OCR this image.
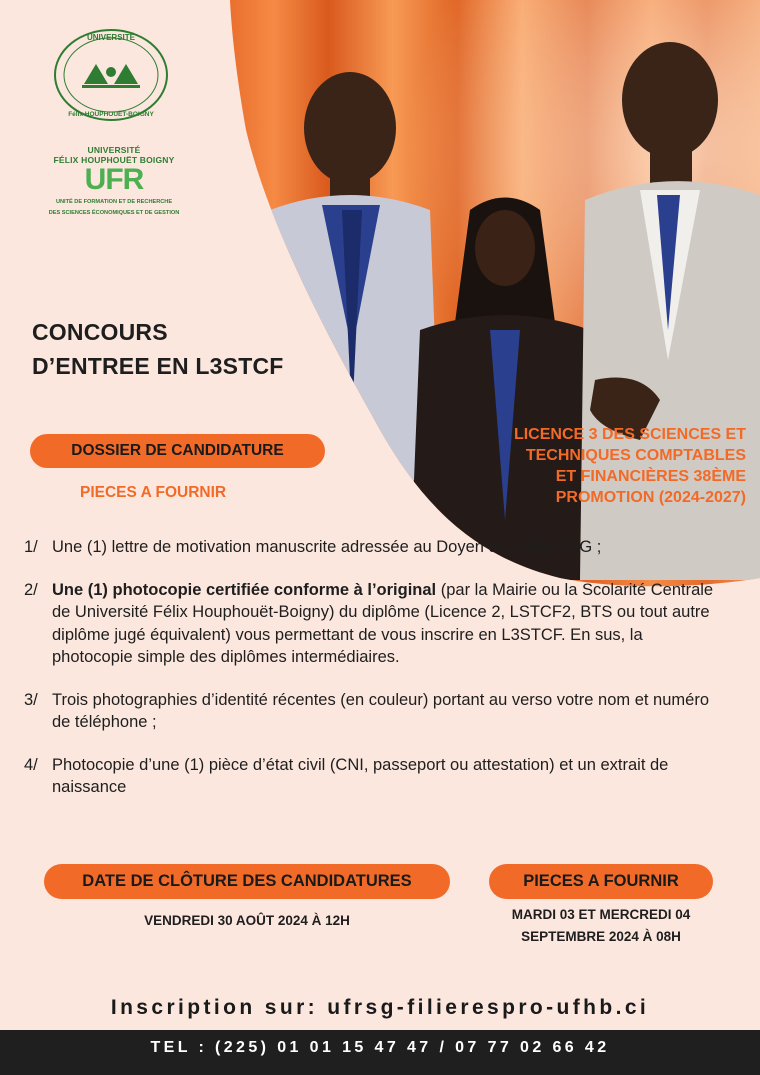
UNIVERSITÉ
Félix HOUPHOUËT-BOIGNY
UNIVERSITÉ
FÉLIX HOUPHOUËT BOIGNY
UFR
UNITÉ DE FORMATION ET DE RECHERCHE
DES SCIENCES ÉCONOMIQUES ET DE GESTION
CONCOURS
D’ENTREE EN L3STCF
LICENCE 3 DES SCIENCES ET
TECHNIQUES COMPTABLES
ET FINANCIÈRES 38ÈME
PROMOTION (2024-2027)
DOSSIER DE CANDIDATURE
PIECES A FOURNIR
1/ Une (1) lettre de motivation manuscrite adressée au Doyen de l’UFR SEG ;
2/ Une (1) photocopie certifiée conforme à l’original (par la Mairie ou la Scolarité Centrale de Université Félix Houphouët-Boigny) du diplôme (Licence 2, LSTCF2, BTS ou tout autre diplôme jugé équivalent) vous permettant de vous inscrire en L3STCF. En sus, la photocopie simple des diplômes intermédiaires.
3/ Trois photographies d’identité récentes (en couleur) portant au verso votre nom et numéro de téléphone ;
4/ Photocopie d’une (1) pièce d’état civil (CNI, passeport ou attestation) et un extrait de naissance
DATE DE CLÔTURE DES CANDIDATURES
VENDREDI 30 AOÛT 2024 À 12H
PIECES A FOURNIR
MARDI 03 ET MERCREDI 04
SEPTEMBRE 2024 À 08H
Inscription sur: ufrsg-filierespro-ufhb.ci
TEL : (225) 01 01 15 47 47 / 07 77 02 66 42
